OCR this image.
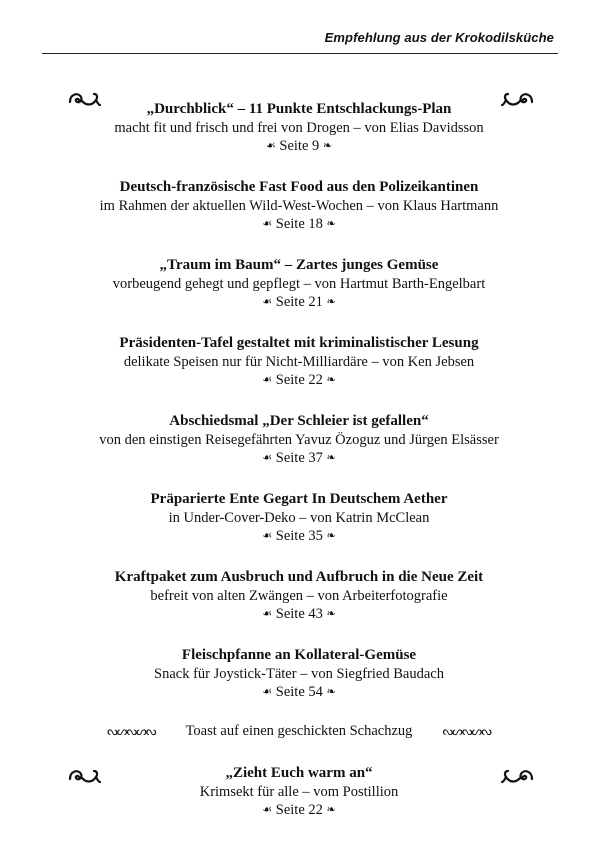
Empfehlung aus der Krokodilsküche
„Durchblick“ – 11 Punkte Entschlackungs-Plan
macht fit und frisch und frei von Drogen – von Elias Davidsson
☙ Seite 9 ❧
Deutsch-französische Fast Food aus den Polizeikantinen
im Rahmen der aktuellen Wild-West-Wochen – von Klaus Hartmann
☙ Seite 18 ❧
„Traum im Baum“ – Zartes junges Gemüse
vorbeugend gehegt und gepflegt – von Hartmut Barth-Engelbart
☙ Seite 21 ❧
Präsidenten-Tafel gestaltet mit kriminalistischer Lesung
delikate Speisen nur für Nicht-Milliardäre – von Ken Jebsen
☙ Seite 22 ❧
Abschiedsmal „Der Schleier ist gefallen“
von den einstigen Reisegefährten Yavuz Özoguz und Jürgen Elsässer
☙ Seite 37 ❧
Präparierte Ente Gegart In Deutschem Aether
in Under-Cover-Deko – von Katrin McClean
☙ Seite 35 ❧
Kraftpaket zum Ausbruch und Aufbruch in die Neue Zeit
befreit von alten Zwängen – von Arbeiterfotografie
☙ Seite 43 ❧
Fleischpfanne an Kollateral-Gemüse
Snack für Joystick-Täter – von Siegfried Baudach
☙ Seite 54 ❧
ᔓᔕᔓᔕᔓ Toast auf einen geschickten Schachzug	ᔓᔕᔓᔕᔓ
„Zieht Euch warm an“
Krimsekt für alle – vom Postillion
☙ Seite 22 ❧
